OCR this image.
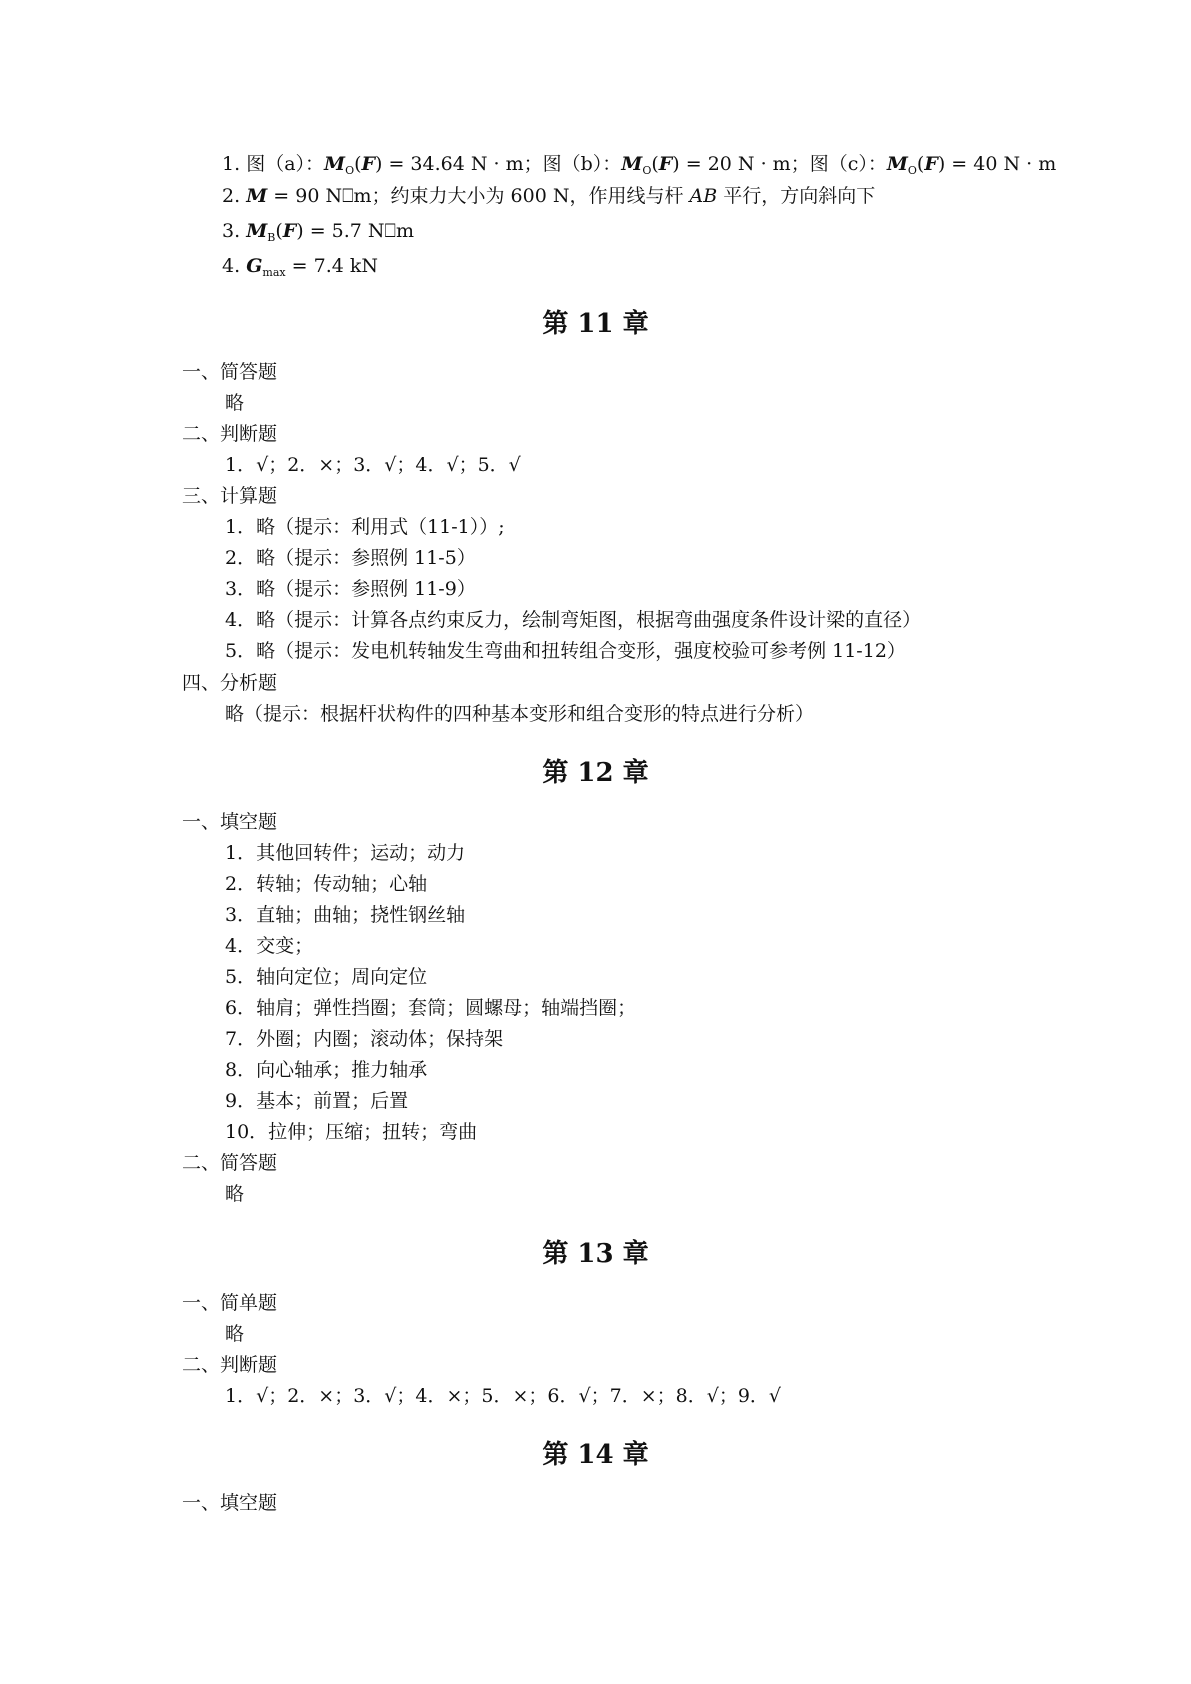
1. 图（a）：$M_O(F) = 34.64$ N · m；图（b）：$M_O(F) = 20$ N · m；图（c）：$M_O(F) = 40$ N · m
2. M = 90 N⎕m；约束力大小为 600 N，作用线与杆 AB 平行，方向斜向下
3. $M_B(F) = 5.7$ N⎕m
4. $G_{max} = 7.4$ kN
第 11 章
一、简答题
略
二、判断题
1．√；2．×；3．√；4．√；5．√
三、计算题
1．略（提示：利用式（11-1））;
2．略（提示：参照例 11-5）
3．略（提示：参照例 11-9）
4．略（提示：计算各点约束反力，绘制弯矩图，根据弯曲强度条件设计梁的直径）
5．略（提示：发电机转轴发生弯曲和扭转组合变形，强度校验可参考例 11-12）
四、分析题
略（提示：根据杆状构件的四种基本变形和组合变形的特点进行分析）
第 12 章
一、填空题
1．其他回转件；运动；动力
2．转轴；传动轴；心轴
3．直轴；曲轴；挠性钢丝轴
4．交变；
5．轴向定位；周向定位
6．轴肩；弹性挡圈；套筒；圆螺母；轴端挡圈；
7．外圈；内圈；滚动体；保持架
8．向心轴承；推力轴承
9．基本；前置；后置
10．拉伸；压缩；扭转；弯曲
二、简答题
略
第 13 章
一、简单题
略
二、判断题
1．√；2．×；3．√；4．×；5．×；6．√；7．×；8．√；9．√
第 14 章
一、填空题
